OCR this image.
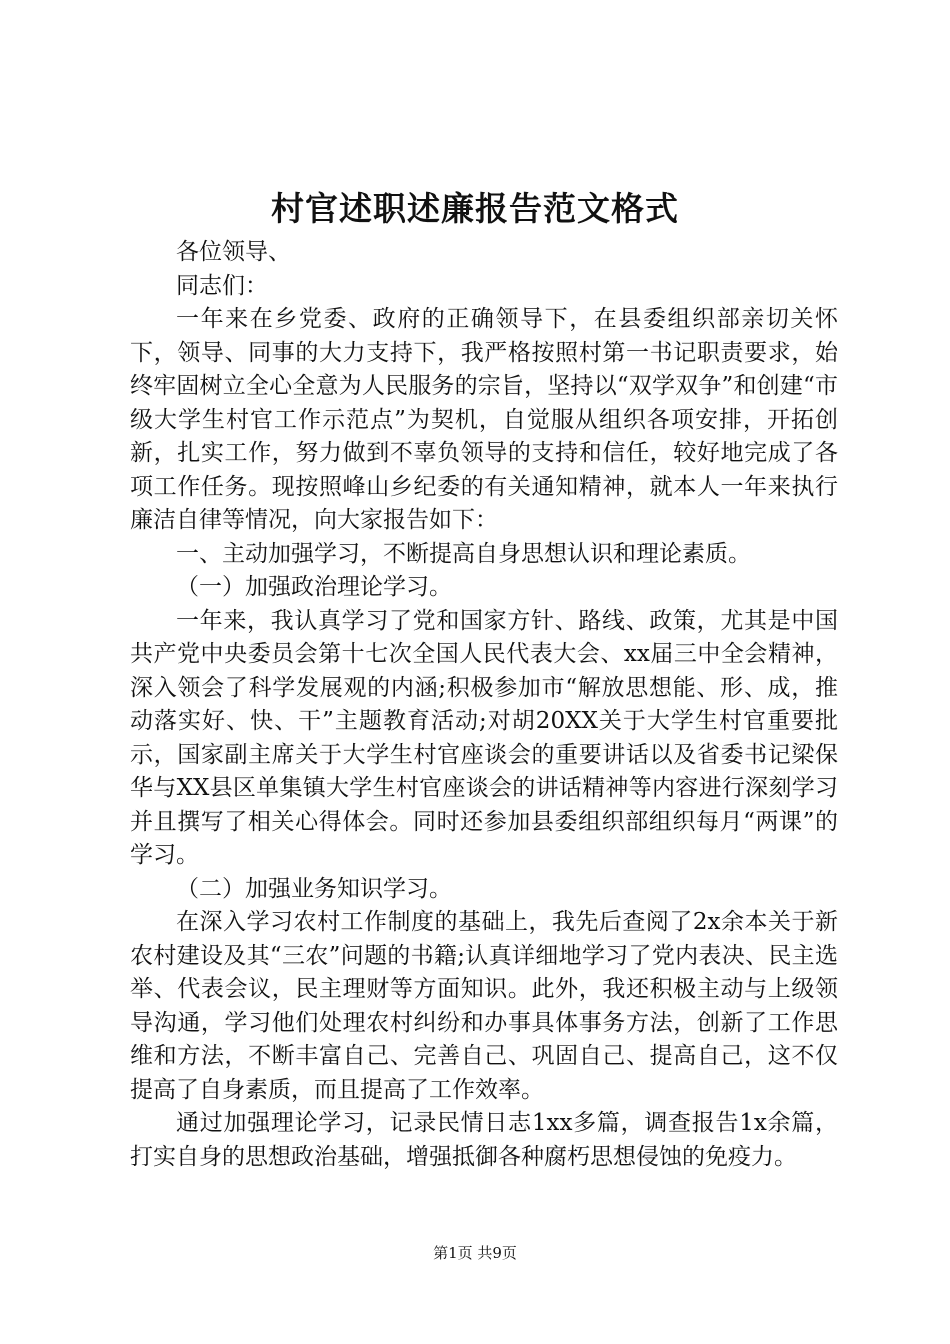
村官述职述廉报告范文格式

各位领导、

同志们：

一年来在乡党委、政府的正确领导下，在县委组织部亲切关怀下，领导、同事的大力支持下，我严格按照村第一书记职责要求，始终牢固树立全心全意为人民服务的宗旨，坚持以“双学双争”和创建“市级大学生村官工作示范点”为契机，自觉服从组织各项安排，开拓创新，扎实工作，努力做到不辜负领导的支持和信任，较好地完成了各项工作任务。现按照峰山乡纪委的有关通知精神，就本人一年来执行廉洁自律等情况，向大家报告如下：

一、主动加强学习，不断提高自身思想认识和理论素质。

（一）加强政治理论学习。

一年来，我认真学习了党和国家方针、路线、政策，尤其是中国共产党中央委员会第十七次全国人民代表大会、xx届三中全会精神，深入领会了科学发展观的内涵;积极参加市“解放思想能、形、成，推动落实好、快、干”主题教育活动;对胡20XX关于大学生村官重要批示，国家副主席关于大学生村官座谈会的重要讲话以及省委书记梁保华与XX县区单集镇大学生村官座谈会的讲话精神等内容进行深刻学习并且撰写了相关心得体会。同时还参加县委组织部组织每月“两课”的学习。

（二）加强业务知识学习。

在深入学习农村工作制度的基础上，我先后查阅了2x余本关于新农村建设及其“三农”问题的书籍;认真详细地学习了党内表决、民主选举、代表会议，民主理财等方面知识。此外，我还积极主动与上级领导沟通，学习他们处理农村纠纷和办事具体事务方法，创新了工作思维和方法，不断丰富自己、完善自己、巩固自己、提高自己，这不仅提高了自身素质，而且提高了工作效率。

通过加强理论学习，记录民情日志1xx多篇，调查报告1x余篇，打实自身的思想政治基础，增强抵御各种腐朽思想侵蚀的免疫力。

第1页 共9页
